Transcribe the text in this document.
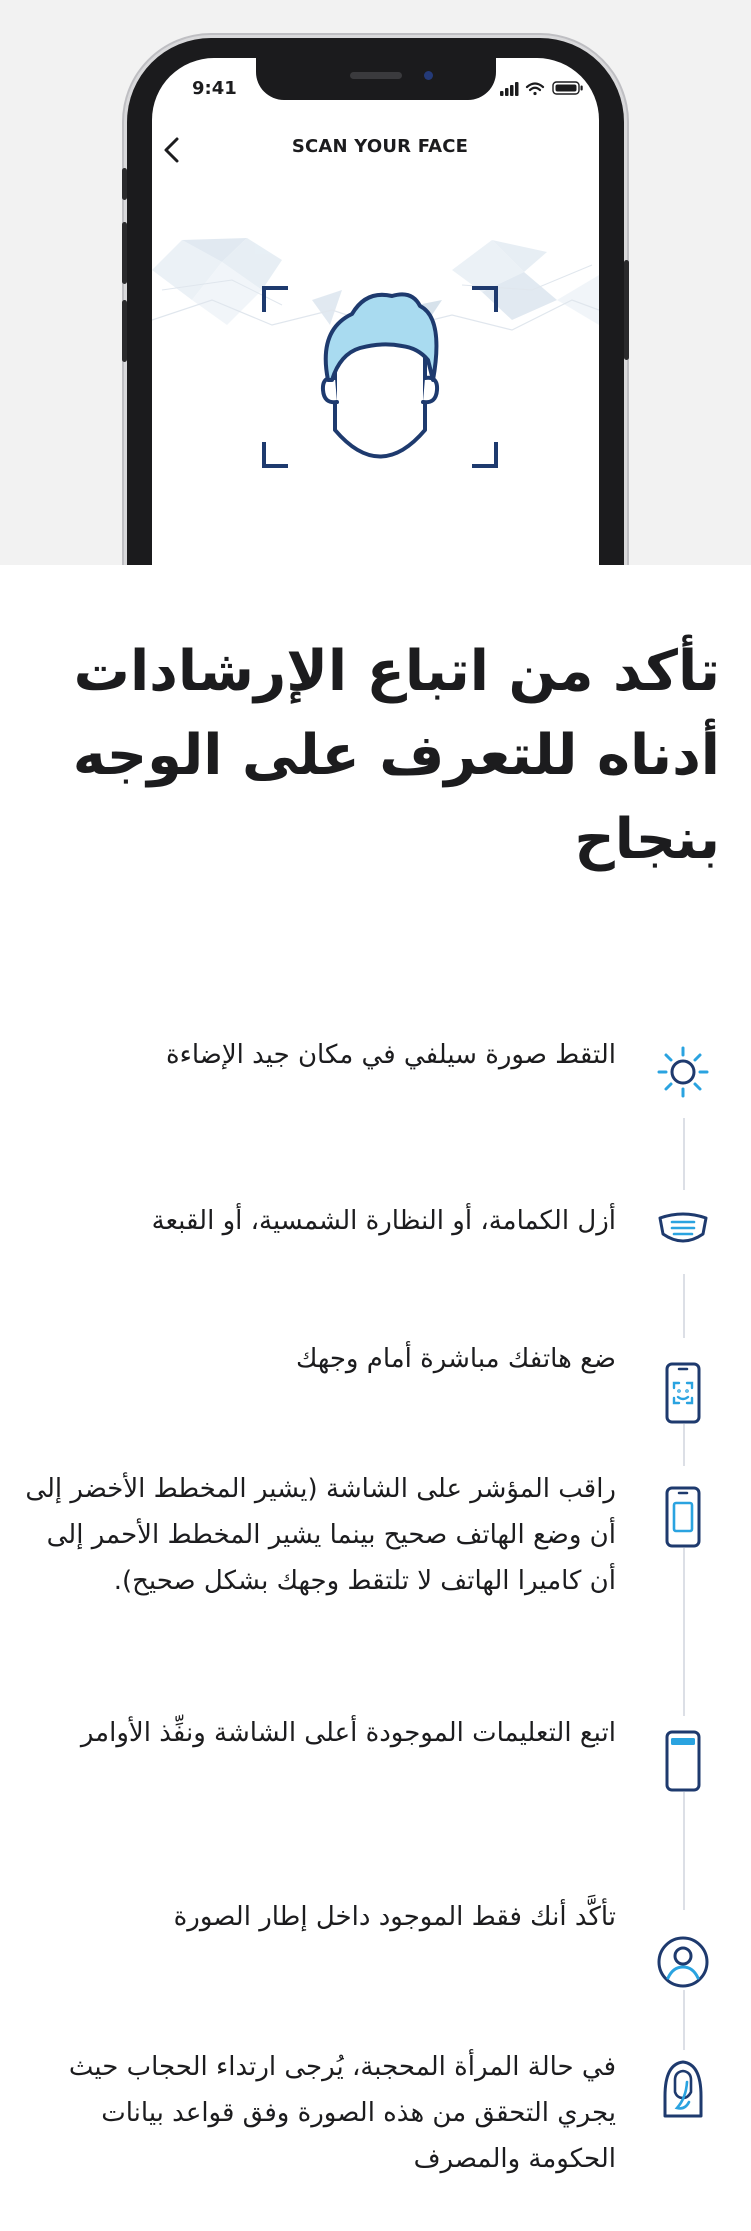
9:41
SCAN YOUR FACE
تأكد من اتباع الإرشادات أدناه للتعرف على الوجه بنجاح
التقط صورة سيلفي في مكان جيد الإضاءة
أزل الكمامة، أو النظارة الشمسية، أو القبعة
ضع هاتفك مباشرة أمام وجهك
راقب المؤشر على الشاشة (يشير المخطط الأخضر إلى أن وضع الهاتف صحيح بينما يشير المخطط الأحمر إلى أن كاميرا الهاتف لا تلتقط وجهك بشكل صحيح).
اتبع التعليمات الموجودة أعلى الشاشة ونفِّذ الأوامر
تأكَّد أنك فقط الموجود داخل إطار الصورة
في حالة المرأة المحجبة، يُرجى ارتداء الحجاب حيث يجري التحقق من هذه الصورة وفق قواعد بيانات الحكومة والمصرف
